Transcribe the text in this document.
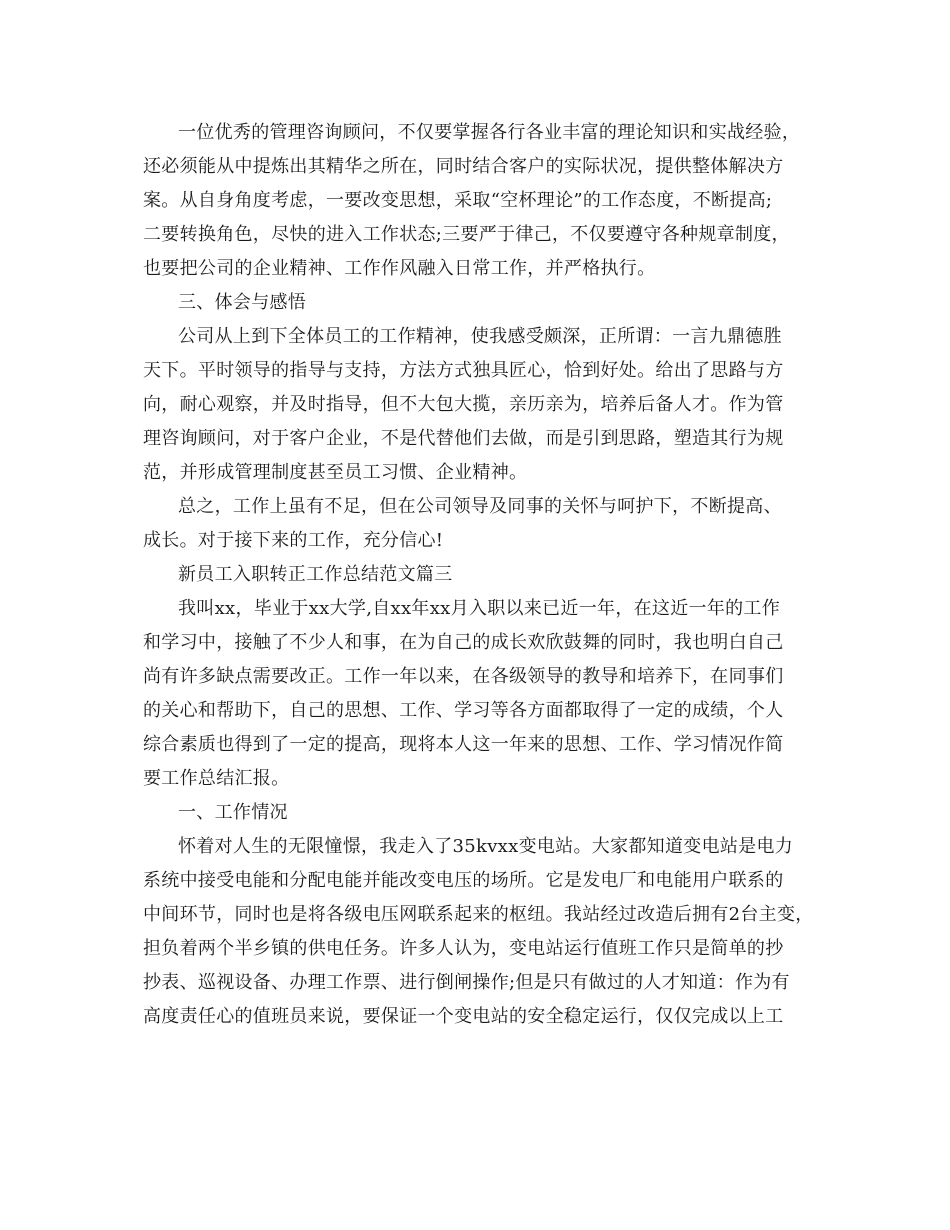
一位优秀的管理咨询顾问，不仅要掌握各行各业丰富的理论知识和实战经验，
还必须能从中提炼出其精华之所在，同时结合客户的实际状况，提供整体解决方
案。从自身角度考虑，一要改变思想，采取“空杯理论”的工作态度，不断提高;
二要转换角色，尽快的进入工作状态;三要严于律己，不仅要遵守各种规章制度，
也要把公司的企业精神、工作作风融入日常工作，并严格执行。
三、体会与感悟
公司从上到下全体员工的工作精神，使我感受颇深，正所谓：一言九鼎德胜
天下。平时领导的指导与支持，方法方式独具匠心，恰到好处。给出了思路与方
向，耐心观察，并及时指导，但不大包大揽，亲历亲为，培养后备人才。作为管
理咨询顾问，对于客户企业，不是代替他们去做，而是引到思路，塑造其行为规
范，并形成管理制度甚至员工习惯、企业精神。
总之，工作上虽有不足，但在公司领导及同事的关怀与呵护下，不断提高、
成长。对于接下来的工作，充分信心!
新员工入职转正工作总结范文篇三
我叫xx，毕业于xx大学,自xx年xx月入职以来已近一年，在这近一年的工作
和学习中，接触了不少人和事，在为自己的成长欢欣鼓舞的同时，我也明白自己
尚有许多缺点需要改正。工作一年以来，在各级领导的教导和培养下，在同事们
的关心和帮助下，自己的思想、工作、学习等各方面都取得了一定的成绩，个人
综合素质也得到了一定的提高，现将本人这一年来的思想、工作、学习情况作简
要工作总结汇报。
一、工作情况
怀着对人生的无限憧憬，我走入了35kvxx变电站。大家都知道变电站是电力
系统中接受电能和分配电能并能改变电压的场所。它是发电厂和电能用户联系的
中间环节，同时也是将各级电压网联系起来的枢纽。我站经过改造后拥有2台主变，
担负着两个半乡镇的供电任务。许多人认为，变电站运行值班工作只是简单的抄
抄表、巡视设备、办理工作票、进行倒闸操作;但是只有做过的人才知道：作为有
高度责任心的值班员来说，要保证一个变电站的安全稳定运行，仅仅完成以上工
